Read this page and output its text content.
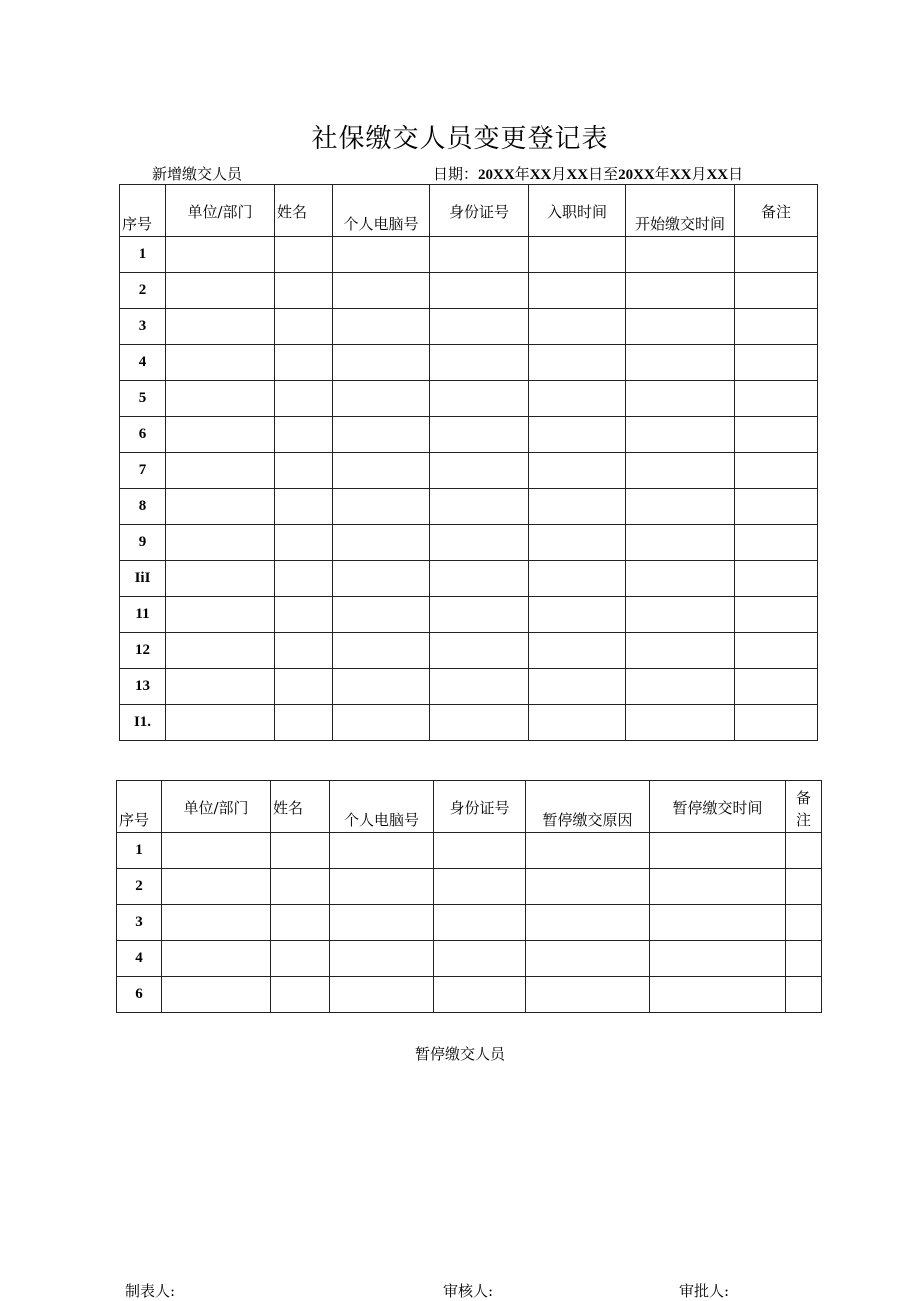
社保缴交人员变更登记表
新增缴交人员	日期：20XX年XX月XX日至20XX年XX月XX日
序号	单位/部门	姓名	个人电脑号	身份证号	入职时间	开始缴交时间	备注

1							
2							
3							
4							
5							
6							
7							
8							
9							
IiI							
11							
12							
13							
I1.							
序号	单位/部门	姓名	个人电脑号	身份证号	暂停缴交原因	暂停缴交时间	备
注

1							
2							
3							
4							
6							
暂停缴交人员
制表人:	审核人:	审批人:
